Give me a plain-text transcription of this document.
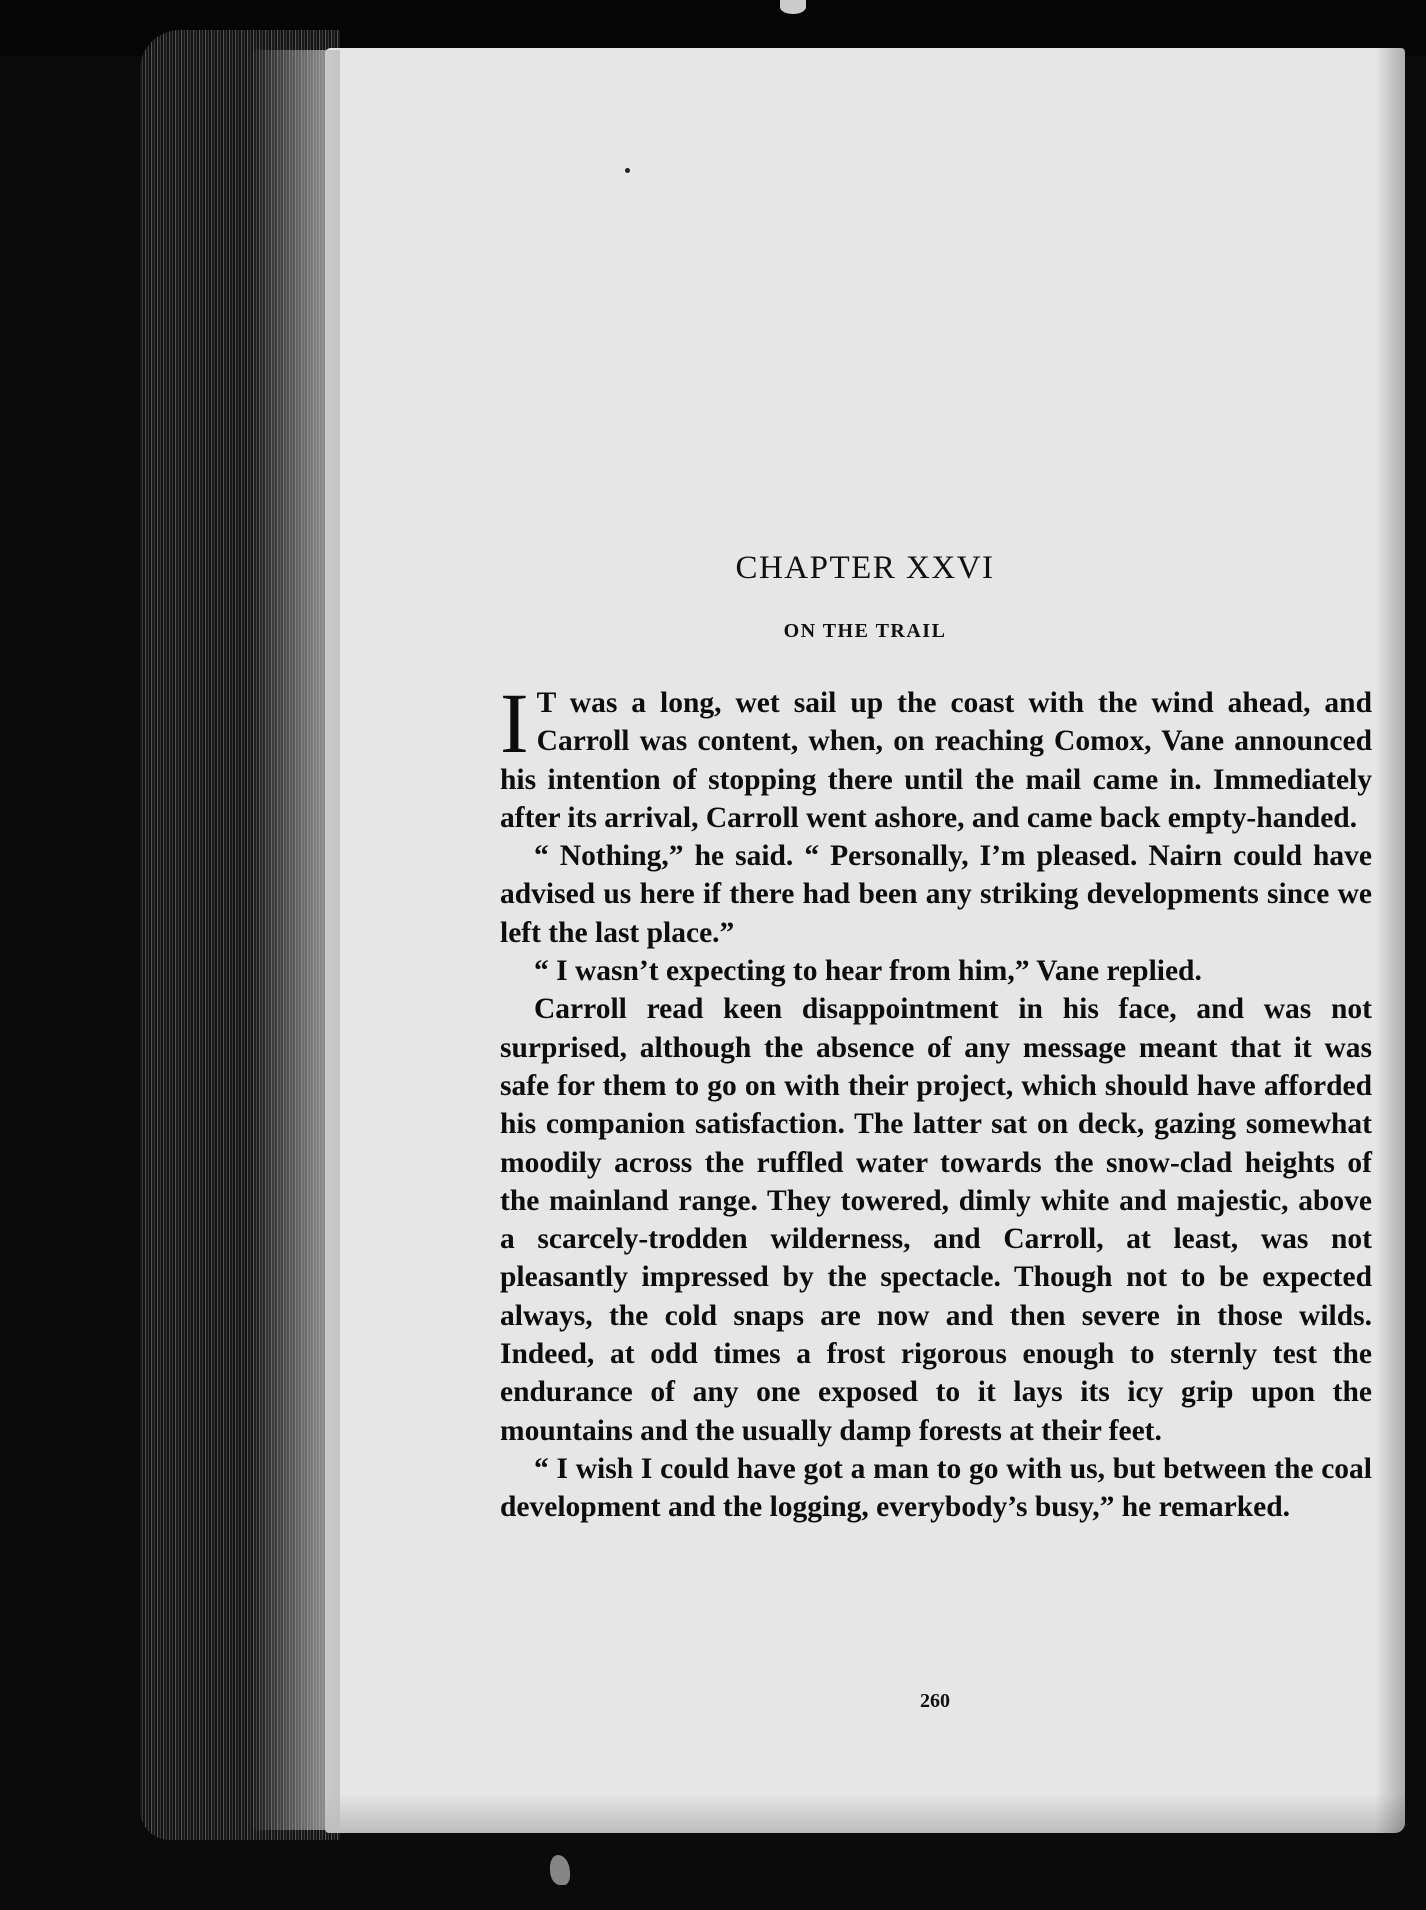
CHAPTER XXVI
ON THE TRAIL

I T was a long, wet sail up the coast with the wind ahead, and Carroll was content, when, on reaching Comox, Vane announced his intention of stopping there until the mail came in. Immediately after its arrival, Carroll went ashore, and came back empty-handed.

“ Nothing,” he said. “ Personally, I’m pleased. Nairn could have advised us here if there had been any striking developments since we left the last place.”

“ I wasn’t expecting to hear from him,” Vane replied.

Carroll read keen disappointment in his face, and was not surprised, although the absence of any message meant that it was safe for them to go on with their project, which should have afforded his companion satisfaction. The latter sat on deck, gazing somewhat moodily across the ruffled water towards the snow-clad heights of the mainland range. They towered, dimly white and majestic, above a scarcely-trodden wilderness, and Carroll, at least, was not pleasantly impressed by the spectacle. Though not to be expected always, the cold snaps are now and then severe in those wilds. Indeed, at odd times a frost rigorous enough to sternly test the endurance of any one exposed to it lays its icy grip upon the mountains and the usually damp forests at their feet.

“ I wish I could have got a man to go with us, but between the coal development and the logging, everybody’s busy,” he remarked.

260
